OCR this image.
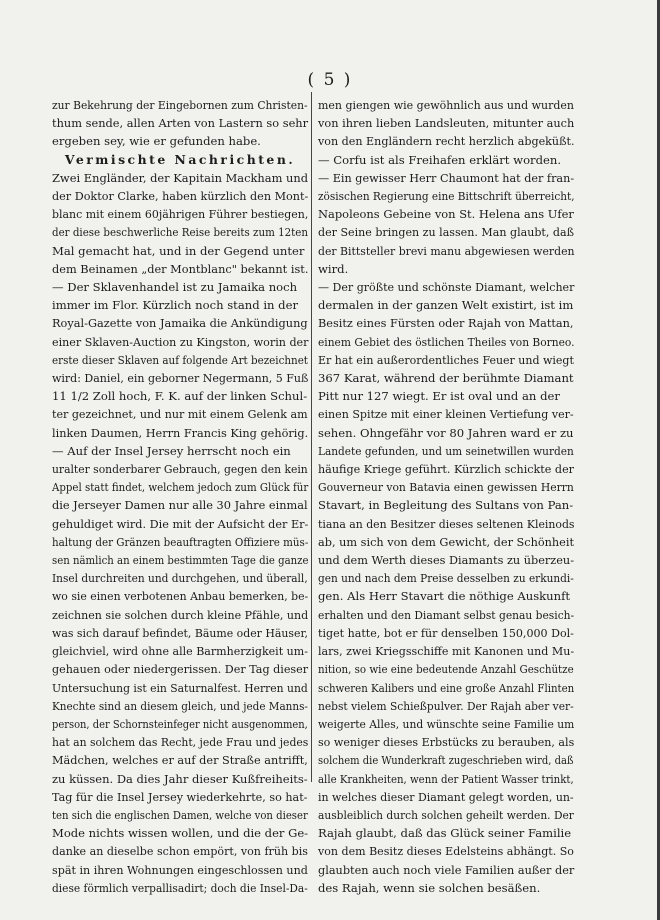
( 5 )
zur Bekehrung der Eingebornen zum Christen-
thum sende, allen Arten von Lastern so sehr
ergeben sey, wie er gefunden habe.
Vermischte Nachrichten.
Zwei Engländer, der Kapitain Mackham und
der Doktor Clarke, haben kürzlich den Mont-
blanc mit einem 60jährigen Führer bestiegen,
der diese beschwerliche Reise bereits zum 12ten
Mal gemacht hat, und in der Gegend unter
dem Beinamen „der Montblanc" bekannt ist.
— Der Sklavenhandel ist zu Jamaika noch
immer im Flor. Kürzlich noch stand in der
Royal-Gazette von Jamaika die Ankündigung
einer Sklaven-Auction zu Kingston, worin der
erste dieser Sklaven auf folgende Art bezeichnet
wird: Daniel, ein geborner Negermann, 5 Fuß
11 1/2 Zoll hoch, F. K. auf der linken Schul-
ter gezeichnet, und nur mit einem Gelenk am
linken Daumen, Herrn Francis King gehörig.
— Auf der Insel Jersey herrscht noch ein
uralter sonderbarer Gebrauch, gegen den kein
Appel statt findet, welchem jedoch zum Glück für
die Jerseyer Damen nur alle 30 Jahre einmal
gehuldiget wird. Die mit der Aufsicht der Er-
haltung der Gränzen beauftragten Offiziere müs-
sen nämlich an einem bestimmten Tage die ganze
Insel durchreiten und durchgehen, und überall,
wo sie einen verbotenen Anbau bemerken, be-
zeichnen sie solchen durch kleine Pfähle, und
was sich darauf befindet, Bäume oder Häuser,
gleichviel, wird ohne alle Barmherzigkeit um-
gehauen oder niedergerissen. Der Tag dieser
Untersuchung ist ein Saturnalfest. Herren und
Knechte sind an diesem gleich, und jede Manns-
person, der Schornsteinfeger nicht ausgenommen,
hat an solchem das Recht, jede Frau und jedes
Mädchen, welches er auf der Straße antrifft,
zu küssen. Da dies Jahr dieser Kußfreiheits-
Tag für die Insel Jersey wiederkehrte, so hat-
ten sich die englischen Damen, welche von dieser
Mode nichts wissen wollen, und die der Ge-
danke an dieselbe schon empört, von früh bis
spät in ihren Wohnungen eingeschlossen und
diese förmlich verpallisadirt; doch die Insel-Da-
men giengen wie gewöhnlich aus und wurden
von ihren lieben Landsleuten, mitunter auch
von den Engländern recht herzlich abgeküßt.
— Corfu ist als Freihafen erklärt worden.
— Ein gewisser Herr Chaumont hat der fran-
zösischen Regierung eine Bittschrift überreicht,
Napoleons Gebeine von St. Helena ans Ufer
der Seine bringen zu lassen. Man glaubt, daß
der Bittsteller brevi manu abgewiesen werden
wird.
— Der größte und schönste Diamant, welcher
dermalen in der ganzen Welt existirt, ist im
Besitz eines Fürsten oder Rajah von Mattan,
einem Gebiet des östlichen Theiles von Borneo.
Er hat ein außerordentliches Feuer und wiegt
367 Karat, während der berühmte Diamant
Pitt nur 127 wiegt. Er ist oval und an der
einen Spitze mit einer kleinen Vertiefung ver-
sehen. Ohngefähr vor 80 Jahren ward er zu
Landete gefunden, und um seinetwillen wurden
häufige Kriege geführt. Kürzlich schickte der
Gouverneur von Batavia einen gewissen Herrn
Stavart, in Begleitung des Sultans von Pan-
tiana an den Besitzer dieses seltenen Kleinods
ab, um sich von dem Gewicht, der Schönheit
und dem Werth dieses Diamants zu überzeu-
gen und nach dem Preise desselben zu erkundi-
gen. Als Herr Stavart die nöthige Auskunft
erhalten und den Diamant selbst genau besich-
tiget hatte, bot er für denselben 150,000 Dol-
lars, zwei Kriegsschiffe mit Kanonen und Mu-
nition, so wie eine bedeutende Anzahl Geschütze
schweren Kalibers und eine große Anzahl Flinten
nebst vielem Schießpulver. Der Rajah aber ver-
weigerte Alles, und wünschte seine Familie um
so weniger dieses Erbstücks zu berauben, als
solchem die Wunderkraft zugeschrieben wird, daß
alle Krankheiten, wenn der Patient Wasser trinkt,
in welches dieser Diamant gelegt worden, un-
ausbleiblich durch solchen geheilt werden. Der
Rajah glaubt, daß das Glück seiner Familie
von dem Besitz dieses Edelsteins abhängt. So
glaubten auch noch viele Familien außer der
des Rajah, wenn sie solchen besäßen.
